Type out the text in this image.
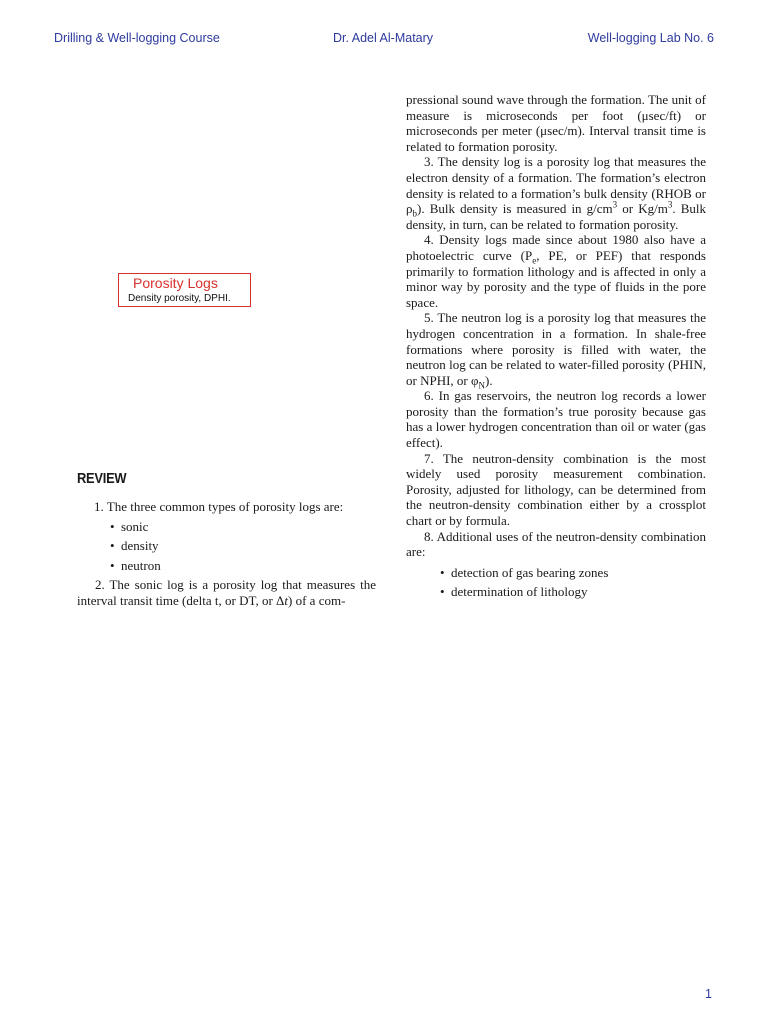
Drilling & Well-logging Course	Dr. Adel Al-Matary	Well-logging Lab No. 6
Porosity Logs
Density porosity, DPHI.
REVIEW

1. The three common types of porosity logs are:

• sonic
• density
• neutron

2. The sonic log is a porosity log that measures the interval transit time (delta t, or DT, or Δt) of a com-

pressional sound wave through the formation. The unit of measure is microseconds per foot (μsec/ft) or microseconds per meter (μsec/m). Interval transit time is related to formation porosity.

3. The density log is a porosity log that measures the electron density of a formation. The formation’s electron density is related to a formation’s bulk density (RHOB or $\rho_b$). Bulk density is measured in $g/cm^3$ or $Kg/m^3$. Bulk density, in turn, can be related to formation porosity.

4. Density logs made since about 1980 also have a photoelectric curve ($P_e$, PE, or PEF) that responds primarily to formation lithology and is affected in only a minor way by porosity and the type of fluids in the pore space.

5. The neutron log is a porosity log that measures the hydrogen concentration in a formation. In shale-free formations where porosity is filled with water, the neutron log can be related to water-filled porosity (PHIN, or NPHI, or $\varphi_N$).

6. In gas reservoirs, the neutron log records a lower porosity than the formation’s true porosity because gas has a lower hydrogen concentration than oil or water (gas effect).

7. The neutron-density combination is the most widely used porosity measurement combination. Porosity, adjusted for lithology, can be determined from the neutron-density combination either by a crossplot chart or by formula.

8. Additional uses of the neutron-density combination are:

• detection of gas bearing zones
• determination of lithology
1
